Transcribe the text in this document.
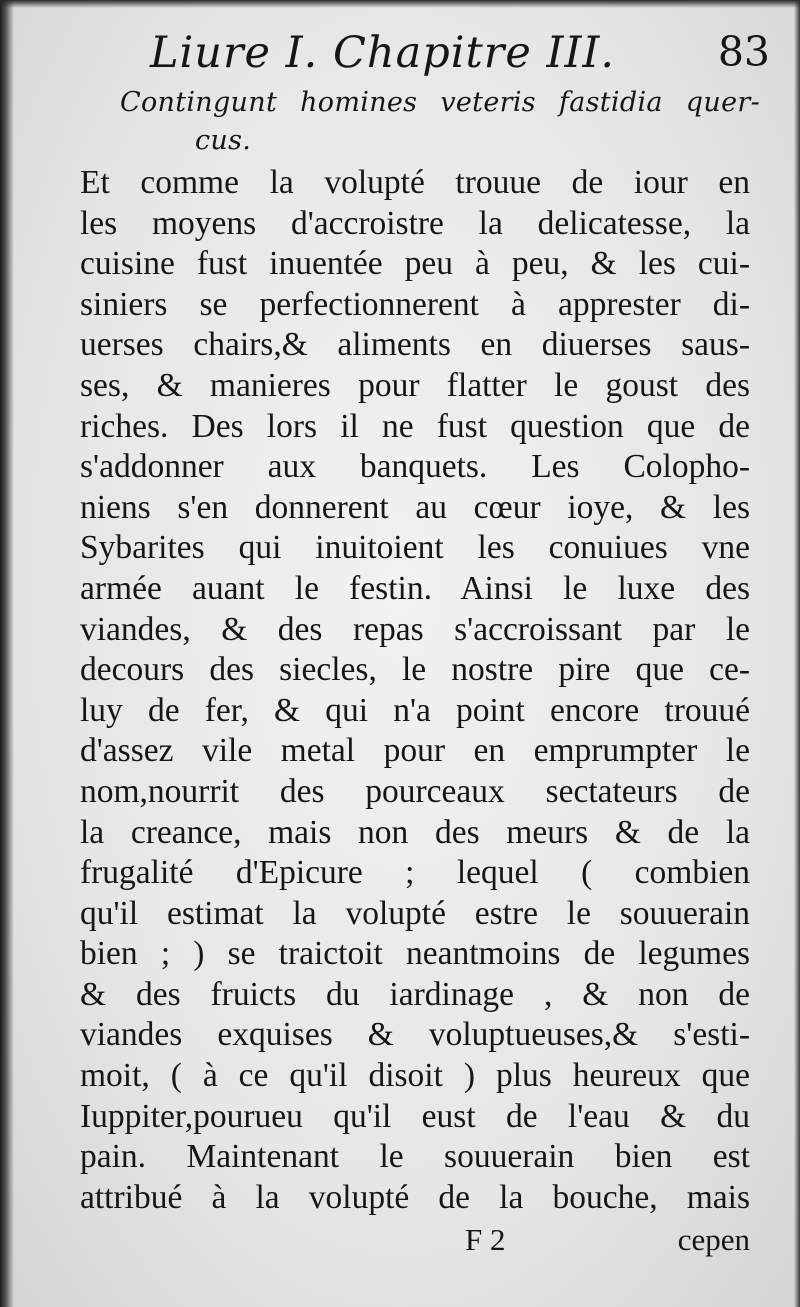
Liure I. Chapitre III.	83
Contingunt homines veteris fastidia quer-
cus.
Et comme la volupté trouue de iour en
les moyens d'accroistre la delicatesse, la
cuisine fust inuentée peu à peu, & les cui-
siniers se perfectionnerent à apprester di-
uerses chairs,& aliments en diuerses saus-
ses, & manieres pour flatter le goust des
riches. Des lors il ne fust question que de
s'addonner aux banquets. Les Colopho-
niens s'en donnerent au cœur ioye, & les
Sybarites qui inuitoient les conuiues vne
armée auant le festin. Ainsi le luxe des
viandes, & des repas s'accroissant par le
decours des siecles, le nostre pire que ce-
luy de fer, & qui n'a point encore trouué
d'assez vile metal pour en emprumpter le
nom,nourrit des pourceaux sectateurs de
la creance, mais non des meurs & de la
frugalité d'Epicure ; lequel ( combien
qu'il estimat la volupté estre le souuerain
bien ; ) se traictoit neantmoins de legumes
& des fruicts du iardinage , & non de
viandes exquises & voluptueuses,& s'esti-
moit, ( à ce qu'il disoit ) plus heureux que
Iuppiter,pourueu qu'il eust de l'eau & du
pain. Maintenant le souuerain bien est
attribué à la volupté de la bouche, mais
F 2	cepen
